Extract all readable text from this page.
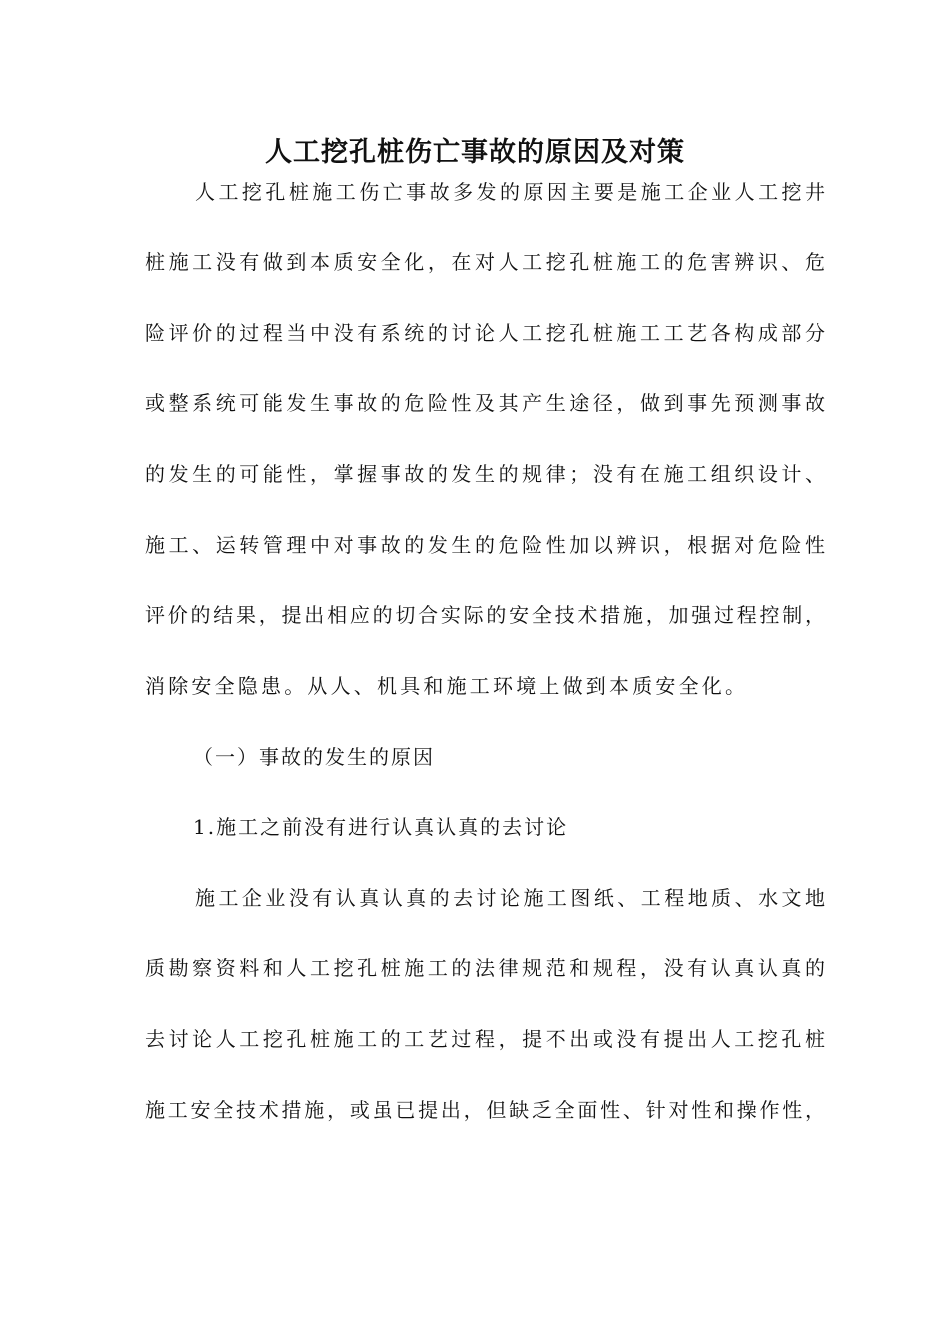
人工挖孔桩伤亡事故的原因及对策
人工挖孔桩施工伤亡事故多发的原因主要是施工企业人工挖井
桩施工没有做到本质安全化，在对人工挖孔桩施工的危害辨识、危
险评价的过程当中没有系统的讨论人工挖孔桩施工工艺各构成部分
或整系统可能发生事故的危险性及其产生途径，做到事先预测事故
的发生的可能性，掌握事故的发生的规律；没有在施工组织设计、
施工、运转管理中对事故的发生的危险性加以辨识，根据对危险性
评价的结果，提出相应的切合实际的安全技术措施，加强过程控制，
消除安全隐患。从人、机具和施工环境上做到本质安全化。
（一）事故的发生的原因
1.施工之前没有进行认真认真的去讨论
施工企业没有认真认真的去讨论施工图纸、工程地质、水文地
质勘察资料和人工挖孔桩施工的法律规范和规程，没有认真认真的
去讨论人工挖孔桩施工的工艺过程，提不出或没有提出人工挖孔桩
施工安全技术措施，或虽已提出，但缺乏全面性、针对性和操作性，
